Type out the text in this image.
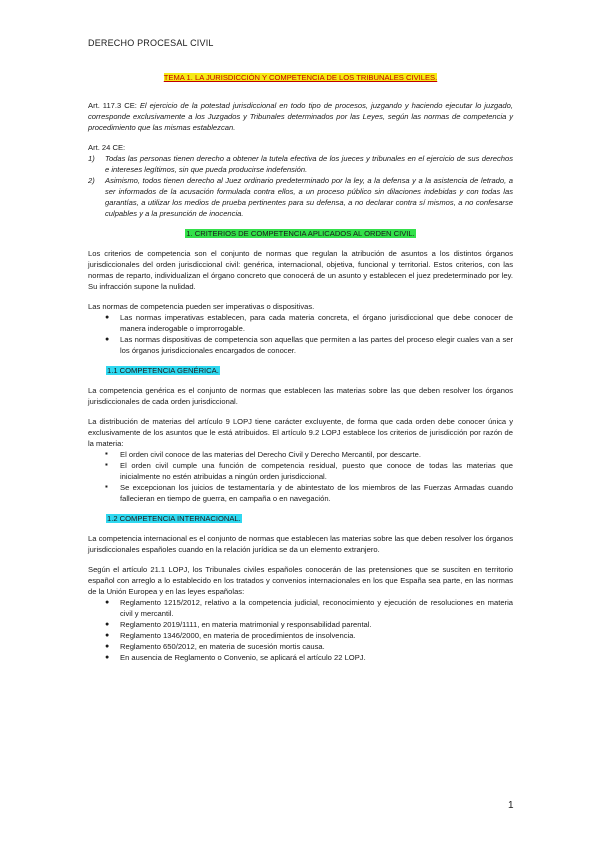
DERECHO PROCESAL CIVIL

TEMA 1. LA JURISDICCIÓN Y COMPETENCIA DE LOS TRIBUNALES CIVILES.

Art. 117.3 CE: El ejercicio de la potestad jurisdiccional en todo tipo de procesos, juzgando y haciendo ejecutar lo juzgado, corresponde exclusivamente a los Juzgados y Tribunales determinados por las Leyes, según las normas de competencia y procedimiento que las mismas establezcan.

Art. 24 CE:

1) Todas las personas tienen derecho a obtener la tutela efectiva de los jueces y tribunales en el ejercicio de sus derechos e intereses legítimos, sin que pueda producirse indefensión.
2) Asimismo, todos tienen derecho al Juez ordinario predeterminado por la ley, a la defensa y a la asistencia de letrado, a ser informados de la acusación formulada contra ellos, a un proceso público sin dilaciones indebidas y con todas las garantías, a utilizar los medios de prueba pertinentes para su defensa, a no declarar contra sí mismos, a no confesarse culpables y a la presunción de inocencia.

1. CRITERIOS DE COMPETENCIA APLICADOS AL ORDEN CIVIL.

Los criterios de competencia son el conjunto de normas que regulan la atribución de asuntos a los distintos órganos jurisdiccionales del orden jurisdiccional civil: genérica, internacional, objetiva, funcional y territorial. Estos criterios, con las normas de reparto, individualizan el órgano concreto que conocerá de un asunto y establecen el juez predeterminado por ley. Su infracción supone la nulidad.

Las normas de competencia pueden ser imperativas o dispositivas.

● Las normas imperativas establecen, para cada materia concreta, el órgano jurisdiccional que debe conocer de manera inderogable o improrrogable.
● Las normas dispositivas de competencia son aquellas que permiten a las partes del proceso elegir cuales van a ser los órganos jurisdiccionales encargados de conocer.

1.1 COMPETENCIA GENÉRICA.

La competencia genérica es el conjunto de normas que establecen las materias sobre las que deben resolver los órganos jurisdiccionales de cada orden jurisdiccional.

La distribución de materias del artículo 9 LOPJ tiene carácter excluyente, de forma que cada orden debe conocer única y exclusivamente de los asuntos que le está atribuidos. El artículo 9.2 LOPJ establece los criterios de jurisdicción por razón de la materia:

▪ El orden civil conoce de las materias del Derecho Civil y Derecho Mercantil, por descarte.
▪ El orden civil cumple una función de competencia residual, puesto que conoce de todas las materias que inicialmente no estén atribuidas a ningún orden jurisdiccional.
▪ Se excepcionan los juicios de testamentaría y de abintestato de los miembros de las Fuerzas Armadas cuando fallecieran en tiempo de guerra, en campaña o en navegación.

1.2 COMPETENCIA INTERNACIONAL.

La competencia internacional es el conjunto de normas que establecen las materias sobre las que deben resolver los órganos jurisdiccionales españoles cuando en la relación jurídica se da un elemento extranjero.

Según el artículo 21.1 LOPJ, los Tribunales civiles españoles conocerán de las pretensiones que se susciten en territorio español con arreglo a lo establecido en los tratados y convenios internacionales en los que España sea parte, en las normas de la Unión Europea y en las leyes españolas:

● Reglamento 1215/2012, relativo a la competencia judicial, reconocimiento y ejecución de resoluciones en materia civil y mercantil.
● Reglamento 2019/1111, en materia matrimonial y responsabilidad parental.
● Reglamento 1346/2000, en materia de procedimientos de insolvencia.
● Reglamento 650/2012, en materia de sucesión mortis causa.
● En ausencia de Reglamento o Convenio, se aplicará el artículo 22 LOPJ.
1
